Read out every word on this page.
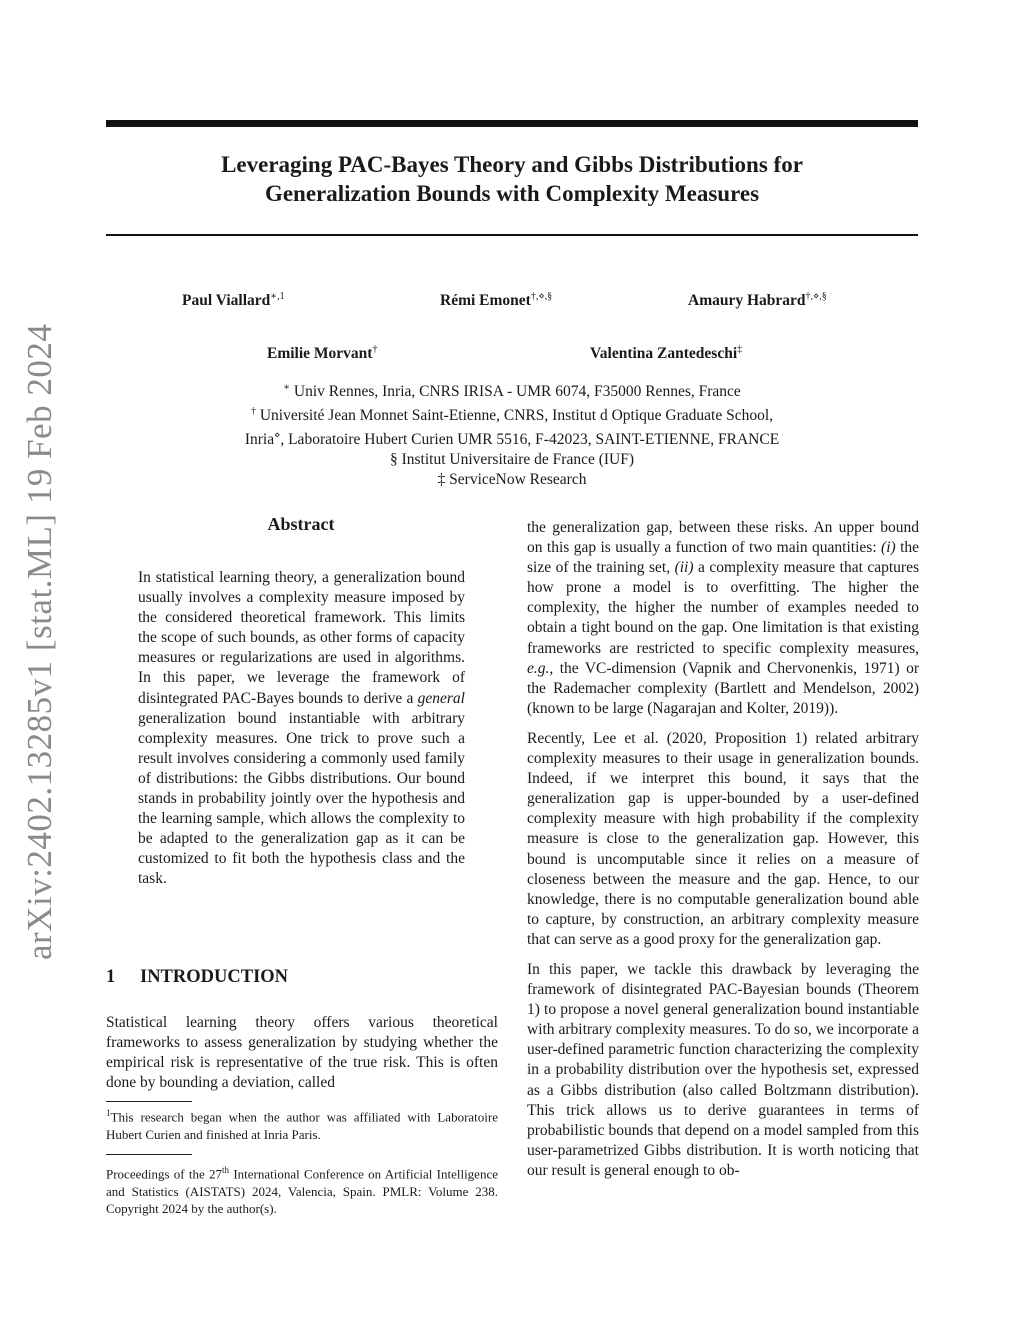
arXiv:2402.13285v1 [stat.ML] 19 Feb 2024
Leveraging PAC-Bayes Theory and Gibbs Distributions for
Generalization Bounds with Complexity Measures
Paul Viallard$^{∗,1}$	Rémi Emonet†,⋄,§	Amaury Habrard†,⋄,§
Emilie Morvant†	Valentina Zantedeschi‡
∗ Univ Rennes, Inria, CNRS IRISA - UMR 6074, F35000 Rennes, France
† Université Jean Monnet Saint-Etienne, CNRS, Institut d Optique Graduate School,
Inria⋄, Laboratoire Hubert Curien UMR 5516, F-42023, SAINT-ETIENNE, FRANCE
§ Institut Universitaire de France (IUF)
‡ ServiceNow Research
Abstract

In statistical learning theory, a generalization bound usually involves a complexity measure imposed by the considered theoretical framework. This limits the scope of such bounds, as other forms of capacity measures or regularizations are used in algorithms. In this paper, we leverage the framework of disintegrated PAC-Bayes bounds to derive a general generalization bound instantiable with arbitrary complexity measures. One trick to prove such a result involves considering a commonly used family of distributions: the Gibbs distributions. Our bound stands in probability jointly over the hypothesis and the learning sample, which allows the complexity to be adapted to the generalization gap as it can be customized to fit both the hypothesis class and the task.

1 INTRODUCTION

Statistical learning theory offers various theoretical frameworks to assess generalization by studying whether the empirical risk is representative of the true risk. This is often done by bounding a deviation, called

$^1$This research began when the author was affiliated with Laboratoire Hubert Curien and finished at Inria Paris.

Proceedings of the 27th International Conference on Artificial Intelligence and Statistics (AISTATS) 2024, Valencia, Spain. PMLR: Volume 238. Copyright 2024 by the author(s).

the generalization gap, between these risks. An upper bound on this gap is usually a function of two main quantities: (i) the size of the training set, (ii) a complexity measure that captures how prone a model is to overfitting. The higher the complexity, the higher the number of examples needed to obtain a tight bound on the gap. One limitation is that existing frameworks are restricted to specific complexity measures, e.g., the VC-dimension (Vapnik and Chervonenkis, 1971) or the Rademacher complexity (Bartlett and Mendelson, 2002) (known to be large (Nagarajan and Kolter, 2019)).

Recently, Lee et al. (2020, Proposition 1) related arbitrary complexity measures to their usage in generalization bounds. Indeed, if we interpret this bound, it says that the generalization gap is upper-bounded by a user-defined complexity measure with high probability if the complexity measure is close to the generalization gap. However, this bound is uncomputable since it relies on a measure of closeness between the measure and the gap. Hence, to our knowledge, there is no computable generalization bound able to capture, by construction, an arbitrary complexity measure that can serve as a good proxy for the generalization gap.

In this paper, we tackle this drawback by leveraging the framework of disintegrated PAC-Bayesian bounds (Theorem 1) to propose a novel general generalization bound instantiable with arbitrary complexity measures. To do so, we incorporate a user-defined parametric function characterizing the complexity in a probability distribution over the hypothesis set, expressed as a Gibbs distribution (also called Boltzmann distribution). This trick allows us to derive guarantees in terms of probabilistic bounds that depend on a model sampled from this user-parametrized Gibbs distribution. It is worth noticing that our result is general enough to ob-
